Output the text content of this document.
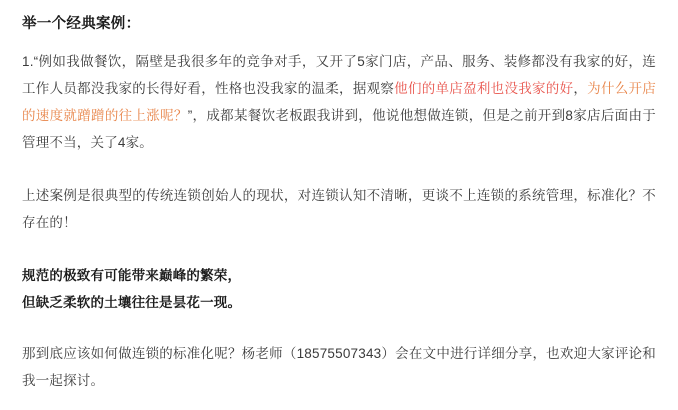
举一个经典案例：

1.“例如我做餐饮，隔壁是我很多年的竞争对手，又开了5家门店，产品、服务、装修都没有我家的好，连工作人员都没我家的长得好看，性格也没我家的温柔，据观察他们的单店盈利也没我家的好，为什么开店的速度就蹭蹭的往上涨呢？”，成都某餐饮老板跟我讲到，他说他想做连锁，但是之前开到8家店后面由于管理不当，关了4家。

上述案例是很典型的传统连锁创始人的现状，对连锁认知不清晰，更谈不上连锁的系统管理，标准化？不存在的！

规范的极致有可能带来巅峰的繁荣，
但缺乏柔软的土壤往往是昙花一现。

那到底应该如何做连锁的标准化呢？杨老师（18575507343）会在文中进行详细分享，也欢迎大家评论和我一起探讨。
